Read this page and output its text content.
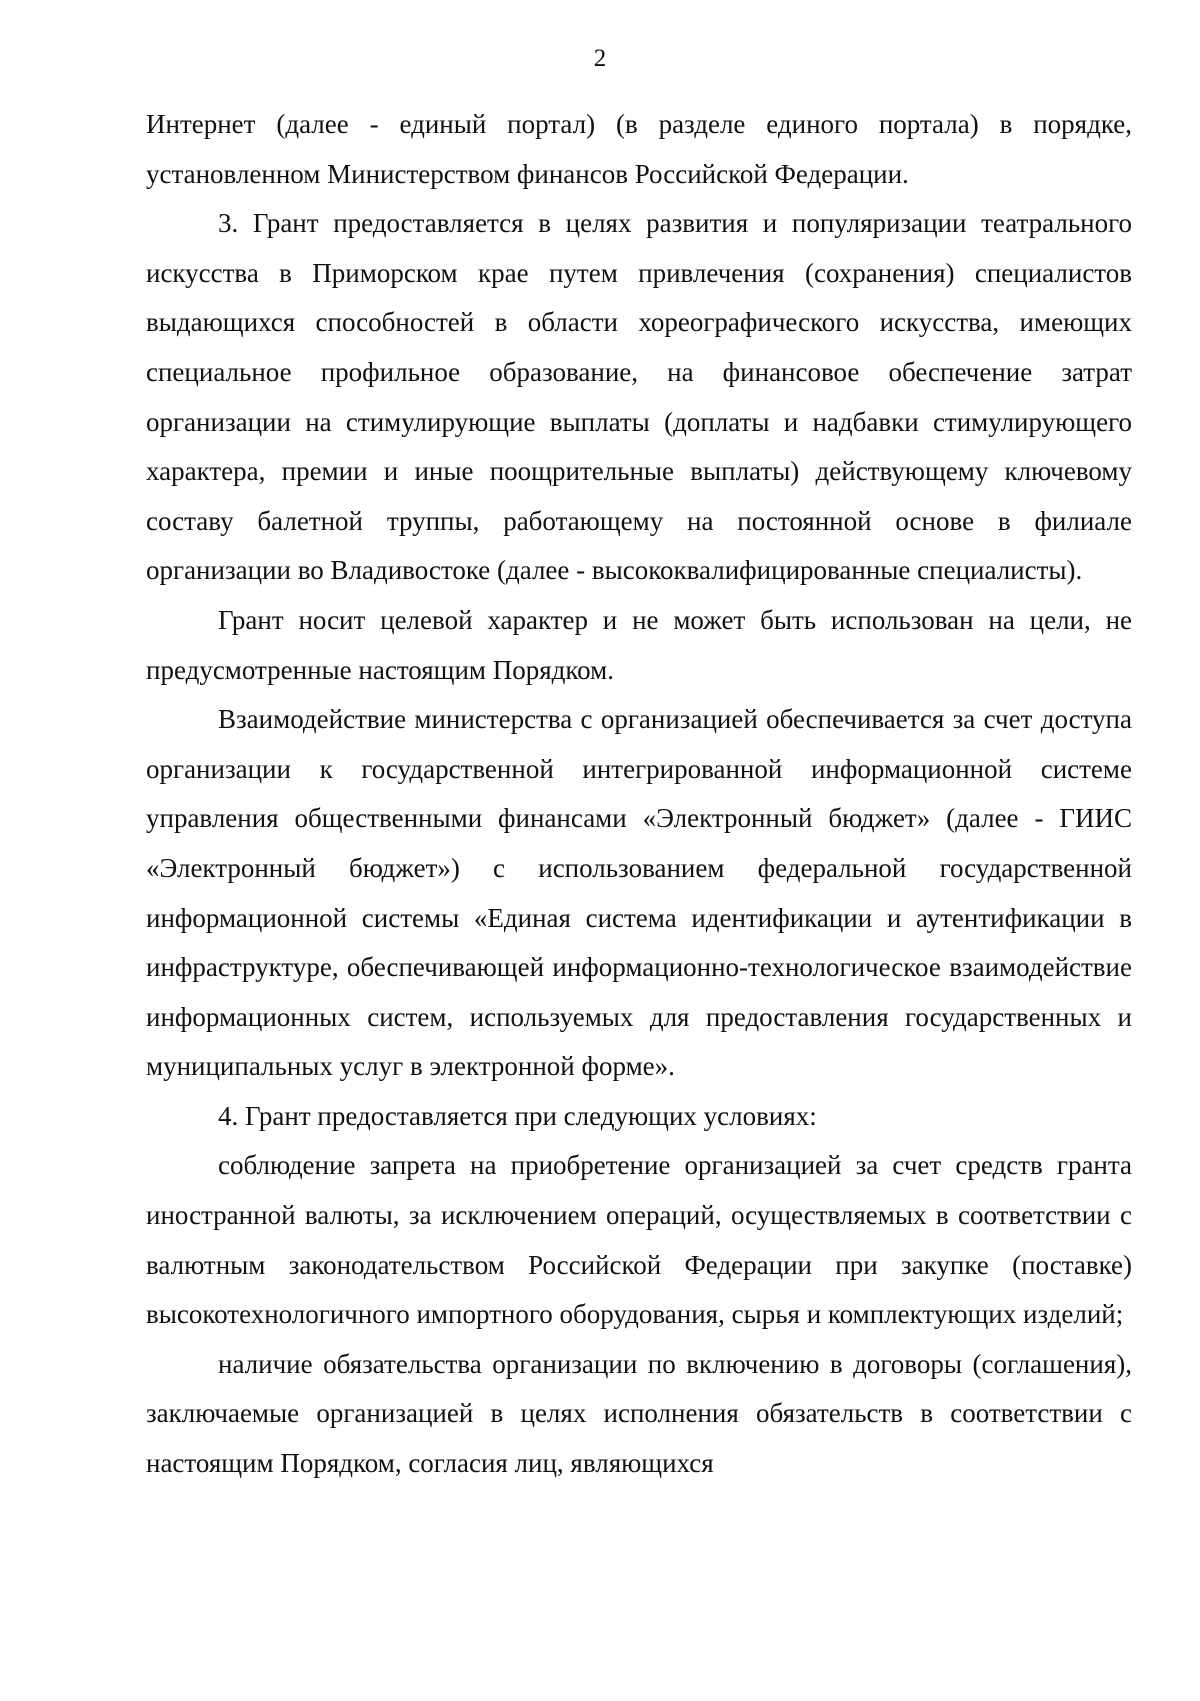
2

Интернет (далее - единый портал) (в разделе единого портала) в порядке, установленном Министерством финансов Российской Федерации.

3. Грант предоставляется в целях развития и популяризации театрального искусства в Приморском крае путем привлечения (сохранения) специалистов выдающихся способностей в области хореографического искусства, имеющих специальное профильное образование, на финансовое обеспечение затрат организации на стимулирующие выплаты (доплаты и надбавки стимулирующего характера, премии и иные поощрительные выплаты) действующему ключевому составу балетной труппы, работающему на постоянной основе в филиале организации во Владивостоке (далее - высококвалифицированные специалисты).

Грант носит целевой характер и не может быть использован на цели, не предусмотренные настоящим Порядком.

Взаимодействие министерства с организацией обеспечивается за счет доступа организации к государственной интегрированной информационной системе управления общественными финансами «Электронный бюджет» (далее - ГИИС «Электронный бюджет») с использованием федеральной государственной информационной системы «Единая система идентификации и аутентификации в инфраструктуре, обеспечивающей информационно-технологическое взаимодействие информационных систем, используемых для предоставления государственных и муниципальных услуг в электронной форме».

4. Грант предоставляется при следующих условиях:

соблюдение запрета на приобретение организацией за счет средств гранта иностранной валюты, за исключением операций, осуществляемых в соответствии с валютным законодательством Российской Федерации при закупке (поставке) высокотехнологичного импортного оборудования, сырья и комплектующих изделий;

наличие обязательства организации по включению в договоры (соглашения), заключаемые организацией в целях исполнения обязательств в соответствии с настоящим Порядком, согласия лиц, являющихся
